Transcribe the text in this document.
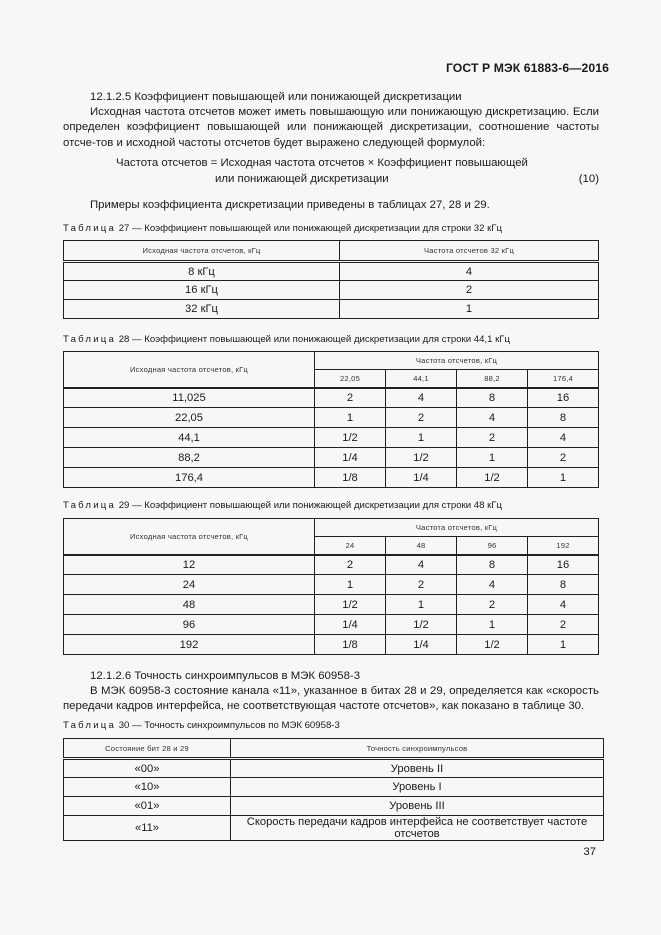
ГОСТ Р МЭК 61883-6—2016

12.1.2.5 Коэффициент повышающей или понижающей дискретизации

Исходная частота отсчетов может иметь повышающую или понижающую дискретизацию. Если определен коэффициент повышающей или понижающей дискретизации, соотношение частоты отсче-тов и исходной частоты отсчетов будет выражено следующей формулой:

Частота отсчетов = Исходная частота отсчетов × Коэффициент повышающей
или понижающей дискретизации	(10)

Примеры коэффициента дискретизации приведены в таблицах 27, 28 и 29.

Таблица 27 — Коэффициент повышающей или понижающей дискретизации для строки 32 кГц
Исходная частота отсчетов, кГц	Частота отсчетов 32 кГц
8 кГц	4
16 кГц	2
32 кГц	1
Таблица 28 — Коэффициент повышающей или понижающей дискретизации для строки 44,1 кГц
Исходная частота отсчетов, кГц	Частота отсчетов, кГц			
	22,05	44,1	88,2	176,4
11,025	2	4	8	16
22,05	1	2	4	8
44,1	1/2	1	2	4
88,2	1/4	1/2	1	2
176,4	1/8	1/4	1/2	1
Таблица 29 — Коэффициент повышающей или понижающей дискретизации для строки 48 кГц
Исходная частота отсчетов, кГц	Частота отсчетов, кГц			
	24	48	96	192
12	2	4	8	16
24	1	2	4	8
48	1/2	1	2	4
96	1/4	1/2	1	2
192	1/8	1/4	1/2	1

12.1.2.6 Точность синхроимпульсов в МЭК 60958-3

В МЭК 60958-3 состояние канала «11», указанное в битах 28 и 29, определяется как «скорость передачи кадров интерфейса, не соответствующая частоте отсчетов», как показано в таблице 30.

Таблица 30 — Точность синхроимпульсов по МЭК 60958-3
Состояние бит 28 и 29	Точность синхроимпульсов
«00»	Уровень II
«10»	Уровень I
«01»	Уровень III
«11»	Скорость передачи кадров интерфейса не соответствует частоте отсчетов
37
